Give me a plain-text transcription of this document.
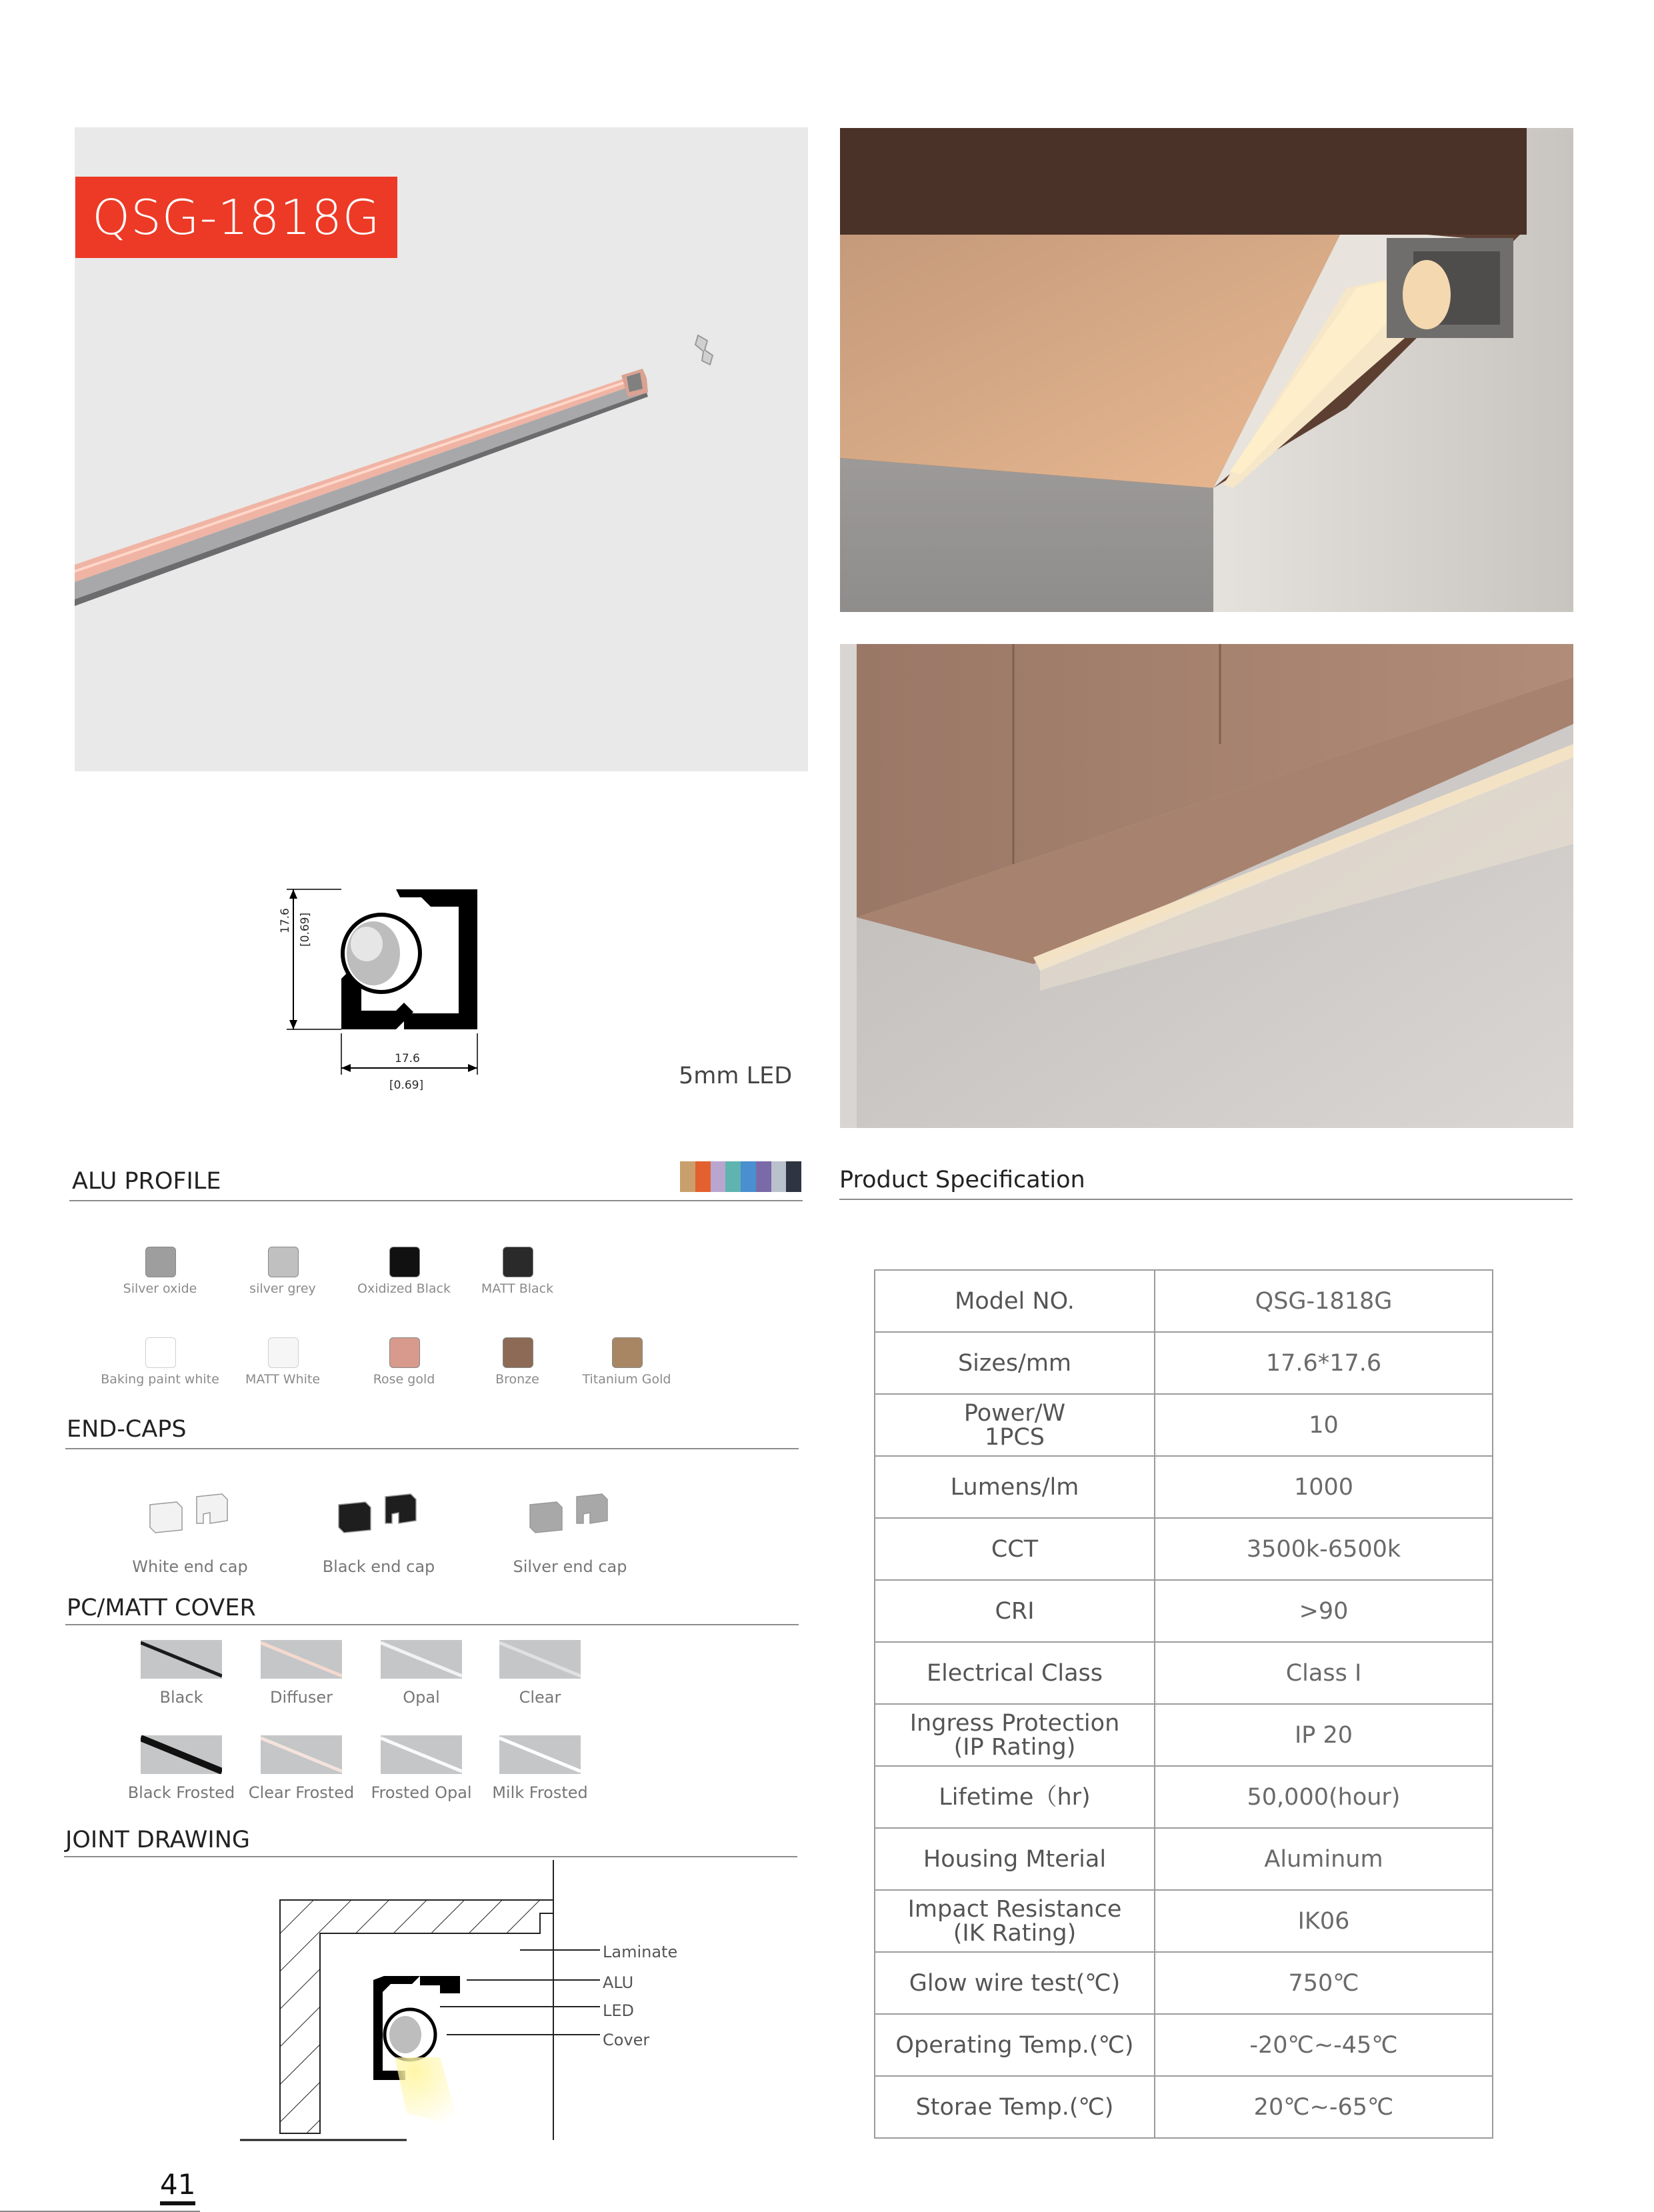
QSG-1818G
17.6 [0.69]
17.6
[0.69]	5mm LED
ALU PROFILE
Silver oxide	silver grey	Oxidized Black	MATT Black
Baking paint white	MATT White	Rose gold	Bronze	Titanium Gold
END-CAPS
White end cap	Black end cap	Silver end cap
PC/MATT COVER
Black	Diffuser	Opal	Clear
Black Frosted Clear Frosted	Frosted Opal	Milk Frosted
JOINT DRAWING
Laminate
ALU
LED
Cover
Product Specification
Model NO.	QSG-1818G

Sizes/mm	17.6*17.6

Power/W
1PCS	10

Lumens/lm	1000

CCT	3500k-6500k

CRI	>90

Electrical Class	Class I

Ingress Protection
(IP Rating)	IP 20

Lifetime（hr)	50,000(hour)

Housing Mterial	Aluminum

Impact Resistance
(IK Rating)	IK06

Glow wire test(℃)	750℃

Operating Temp.(℃)	-20℃~-45℃

Storae Temp.(℃)	20℃~-65℃
41
